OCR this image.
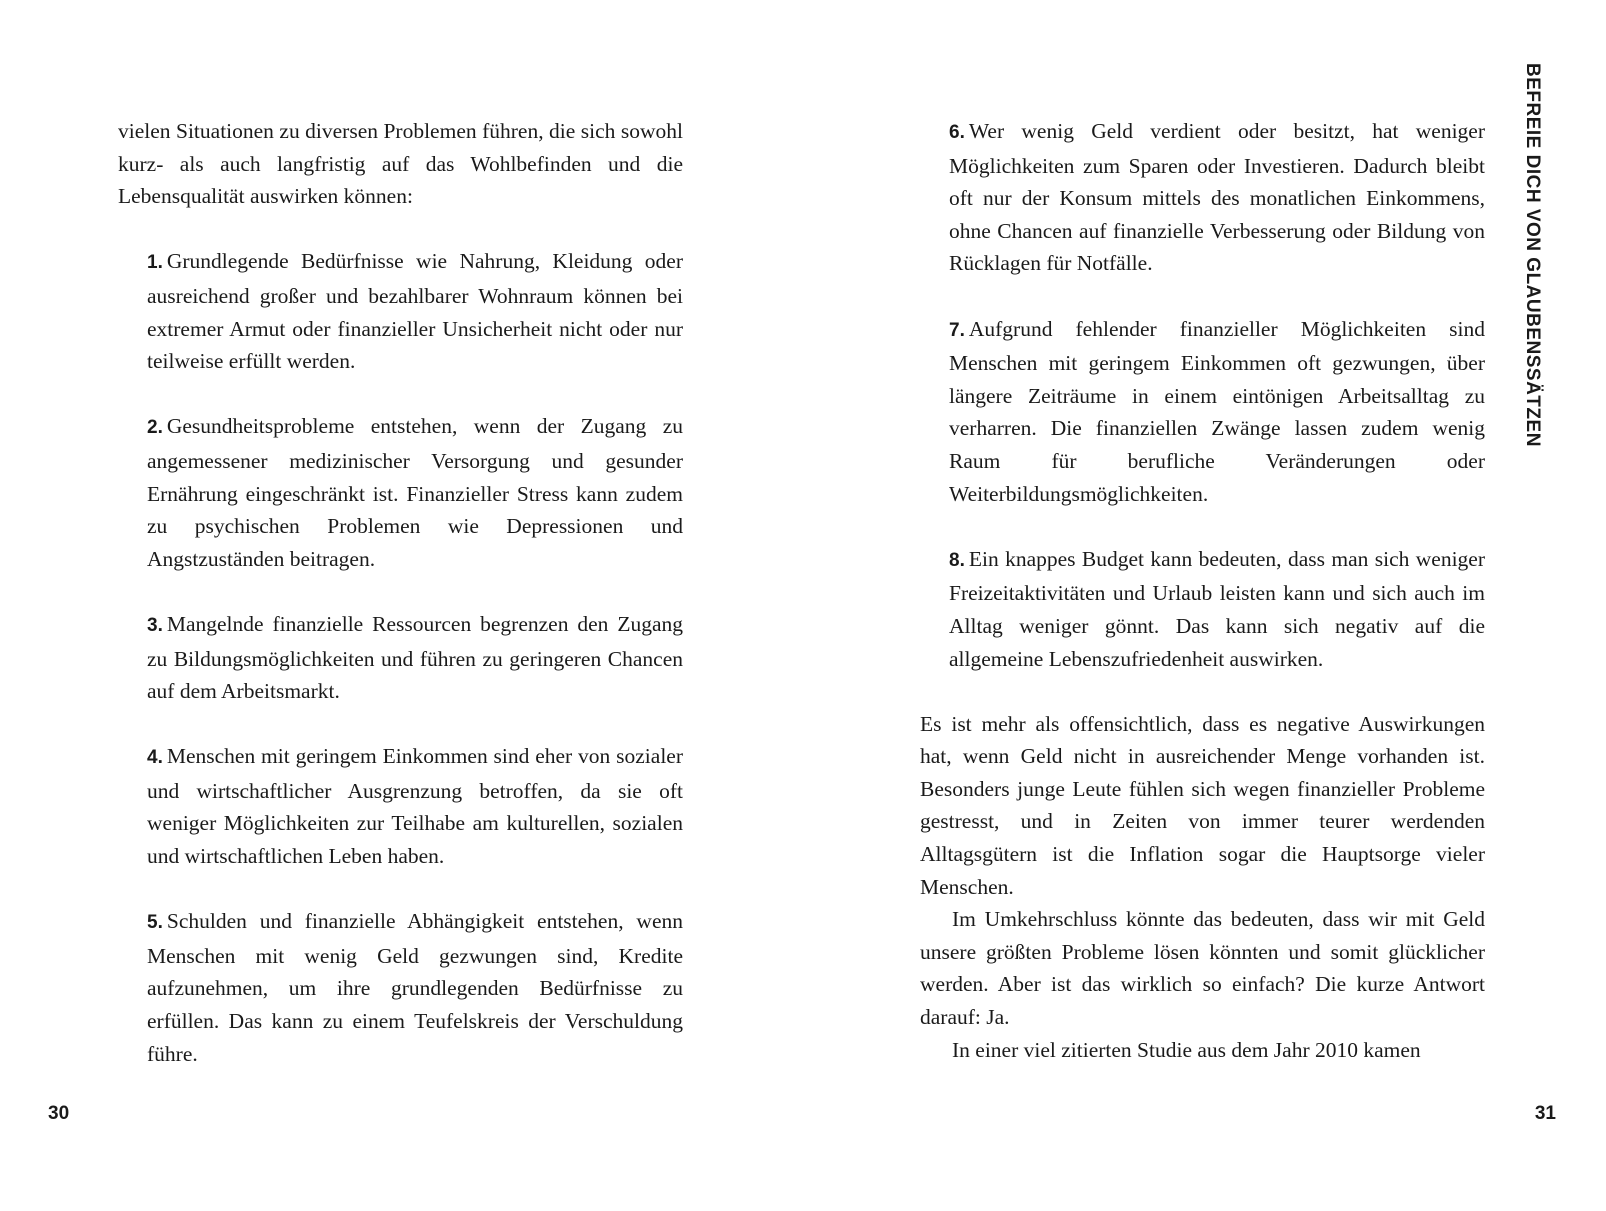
vielen Situationen zu diversen Problemen führen, die sich sowohl kurz- als auch langfristig auf das Wohlbefinden und die Lebensqualität auswirken können:

1. Grundlegende Bedürfnisse wie Nahrung, Kleidung oder ausreichend großer und bezahlbarer Wohnraum können bei extremer Armut oder finanzieller Unsicherheit nicht oder nur teilweise erfüllt werden.
2. Gesundheitsprobleme entstehen, wenn der Zugang zu angemessener medizinischer Versorgung und gesunder Ernährung eingeschränkt ist. Finanzieller Stress kann zudem zu psychischen Problemen wie Depressionen und Angstzuständen beitragen.
3. Mangelnde finanzielle Ressourcen begrenzen den Zugang zu Bildungsmöglichkeiten und führen zu geringeren Chancen auf dem Arbeitsmarkt.
4. Menschen mit geringem Einkommen sind eher von sozialer und wirtschaftlicher Ausgrenzung betroffen, da sie oft weniger Möglichkeiten zur Teilhabe am kulturellen, sozialen und wirtschaftlichen Leben haben.
5. Schulden und finanzielle Abhängigkeit entstehen, wenn Menschen mit wenig Geld gezwungen sind, Kredite aufzunehmen, um ihre grundlegenden Bedürfnisse zu erfüllen. Das kann zu einem Teufelskreis der Verschuldung führe.
30
6. Wer wenig Geld verdient oder besitzt, hat weniger Möglichkeiten zum Sparen oder Investieren. Dadurch bleibt oft nur der Konsum mittels des monatlichen Einkommens, ohne Chancen auf finanzielle Verbesserung oder Bildung von Rücklagen für Notfälle.
7. Aufgrund fehlender finanzieller Möglichkeiten sind Menschen mit geringem Einkommen oft gezwungen, über längere Zeiträume in einem eintönigen Arbeitsalltag zu verharren. Die finanziellen Zwänge lassen zudem wenig Raum für berufliche Veränderungen oder Weiterbildungsmöglichkeiten.
8. Ein knappes Budget kann bedeuten, dass man sich weniger Freizeitaktivitäten und Urlaub leisten kann und sich auch im Alltag weniger gönnt. Das kann sich negativ auf die allgemeine Lebenszufriedenheit auswirken.

Es ist mehr als offensichtlich, dass es negative Auswirkungen hat, wenn Geld nicht in ausreichender Menge vorhanden ist. Besonders junge Leute fühlen sich wegen finanzieller Probleme gestresst, und in Zeiten von immer teurer werdenden Alltagsgütern ist die Inflation sogar die Hauptsorge vieler Menschen.

Im Umkehrschluss könnte das bedeuten, dass wir mit Geld unsere größten Probleme lösen könnten und somit glücklicher werden. Aber ist das wirklich so einfach? Die kurze Antwort darauf: Ja.

In einer viel zitierten Studie aus dem Jahr 2010 kamen

BEFREIE DICH VON GLAUBENSSÄTZEN
31
